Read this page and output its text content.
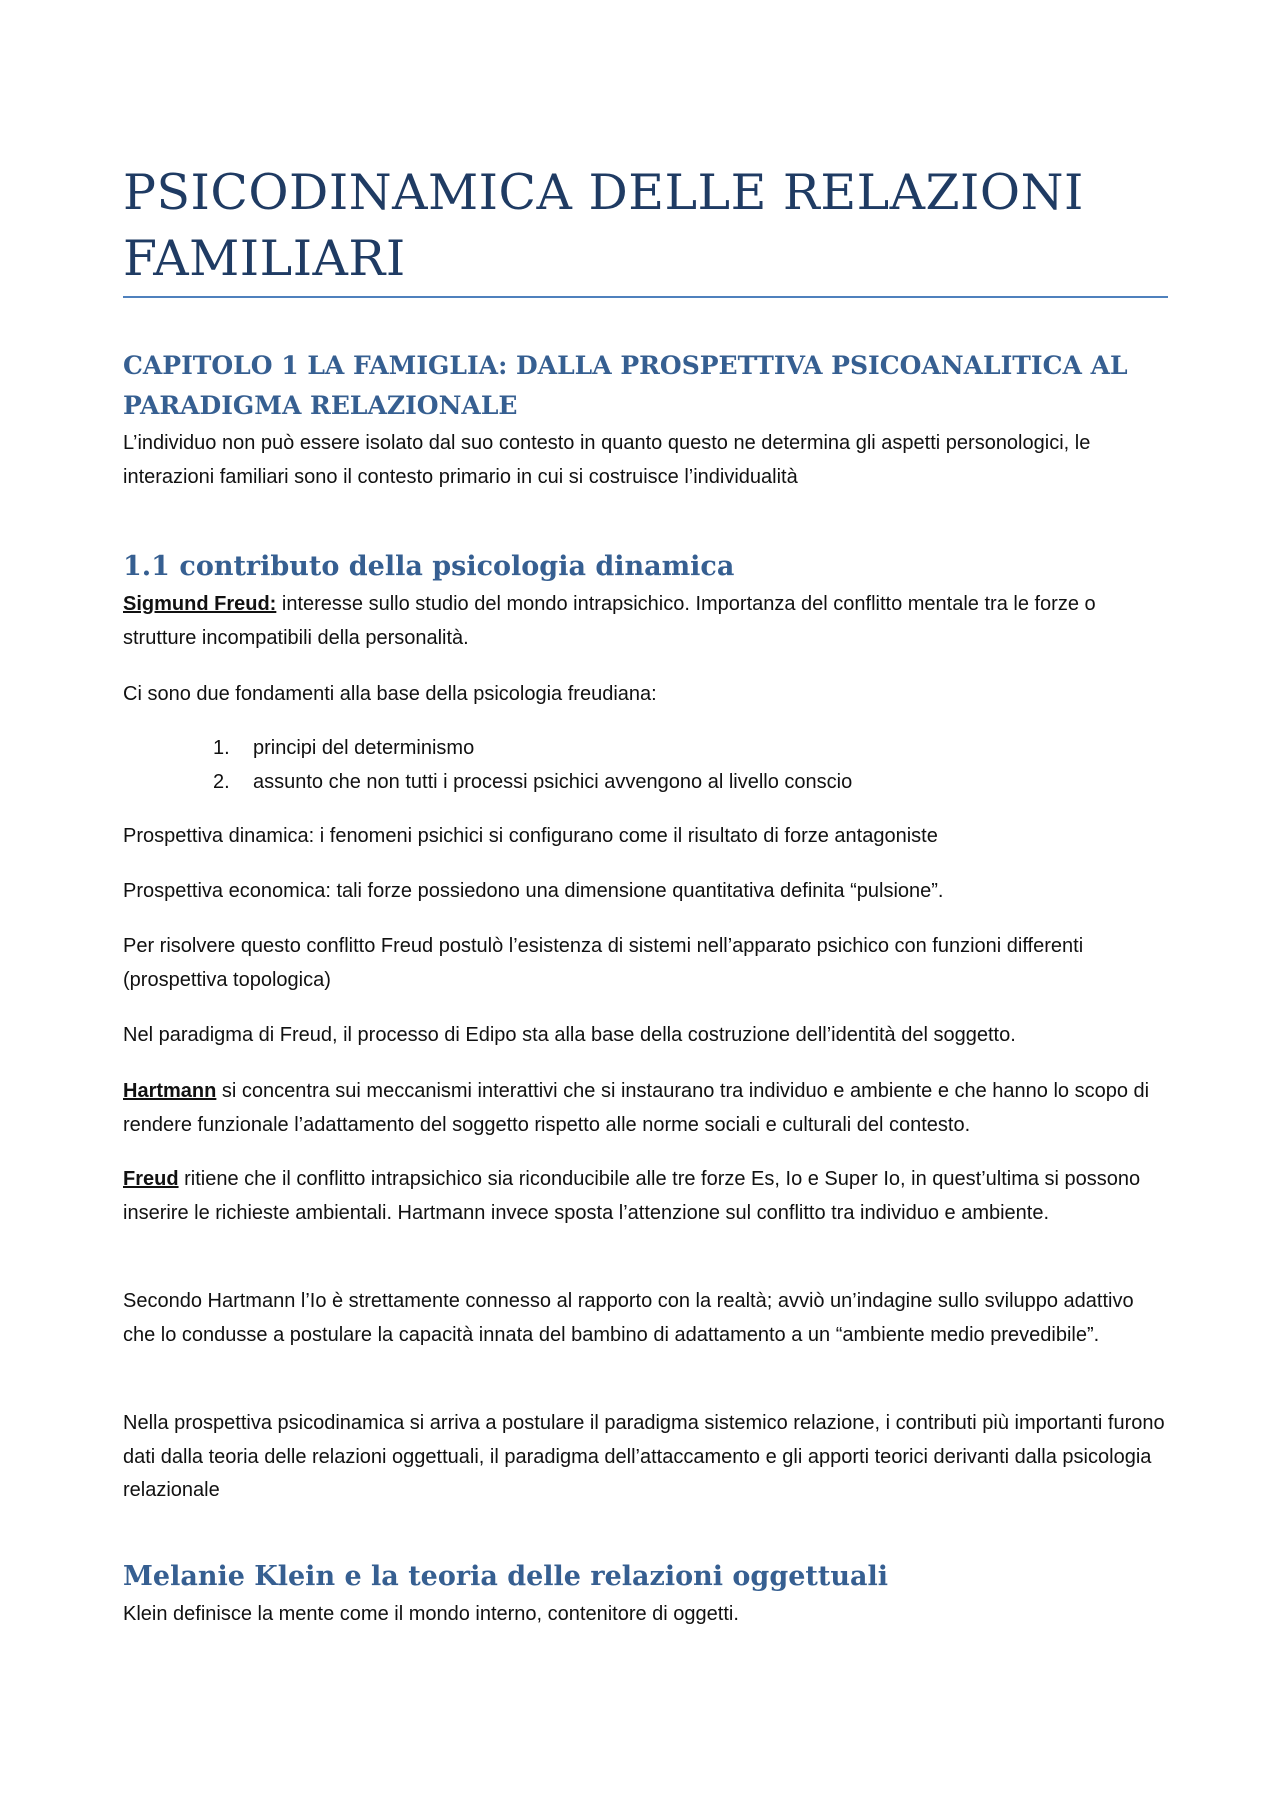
PSICODINAMICA DELLE RELAZIONI FAMILIARI
CAPITOLO 1 LA FAMIGLIA: DALLA PROSPETTIVA PSICOANALITICA AL PARADIGMA RELAZIONALE

L’individuo non può essere isolato dal suo contesto in quanto questo ne determina gli aspetti personologici, le interazioni familiari sono il contesto primario in cui si costruisce l’individualità

1.1 contributo della psicologia dinamica

Sigmund Freud: interesse sullo studio del mondo intrapsichico. Importanza del conflitto mentale tra le forze o strutture incompatibili della personalità.

Ci sono due fondamenti alla base della psicologia freudiana:

1. principi del determinismo
2. assunto che non tutti i processi psichici avvengono al livello conscio

Prospettiva dinamica: i fenomeni psichici si configurano come il risultato di forze antagoniste

Prospettiva economica: tali forze possiedono una dimensione quantitativa definita “pulsione”.

Per risolvere questo conflitto Freud postulò l’esistenza di sistemi nell’apparato psichico con funzioni differenti (prospettiva topologica)

Nel paradigma di Freud, il processo di Edipo sta alla base della costruzione dell’identità del soggetto.

Hartmann si concentra sui meccanismi interattivi che si instaurano tra individuo e ambiente e che hanno lo scopo di rendere funzionale l’adattamento del soggetto rispetto alle norme sociali e culturali del contesto.

Freud ritiene che il conflitto intrapsichico sia riconducibile alle tre forze Es, Io e Super Io, in quest’ultima si possono inserire le richieste ambientali. Hartmann invece sposta l’attenzione sul conflitto tra individuo e ambiente.

Secondo Hartmann l’Io è strettamente connesso al rapporto con la realtà; avviò un’indagine sullo sviluppo adattivo che lo condusse a postulare la capacità innata del bambino di adattamento a un “ambiente medio prevedibile”.

Nella prospettiva psicodinamica si arriva a postulare il paradigma sistemico relazione, i contributi più importanti furono dati dalla teoria delle relazioni oggettuali, il paradigma dell’attaccamento e gli apporti teorici derivanti dalla psicologia relazionale

Melanie Klein e la teoria delle relazioni oggettuali

Klein definisce la mente come il mondo interno, contenitore di oggetti.
